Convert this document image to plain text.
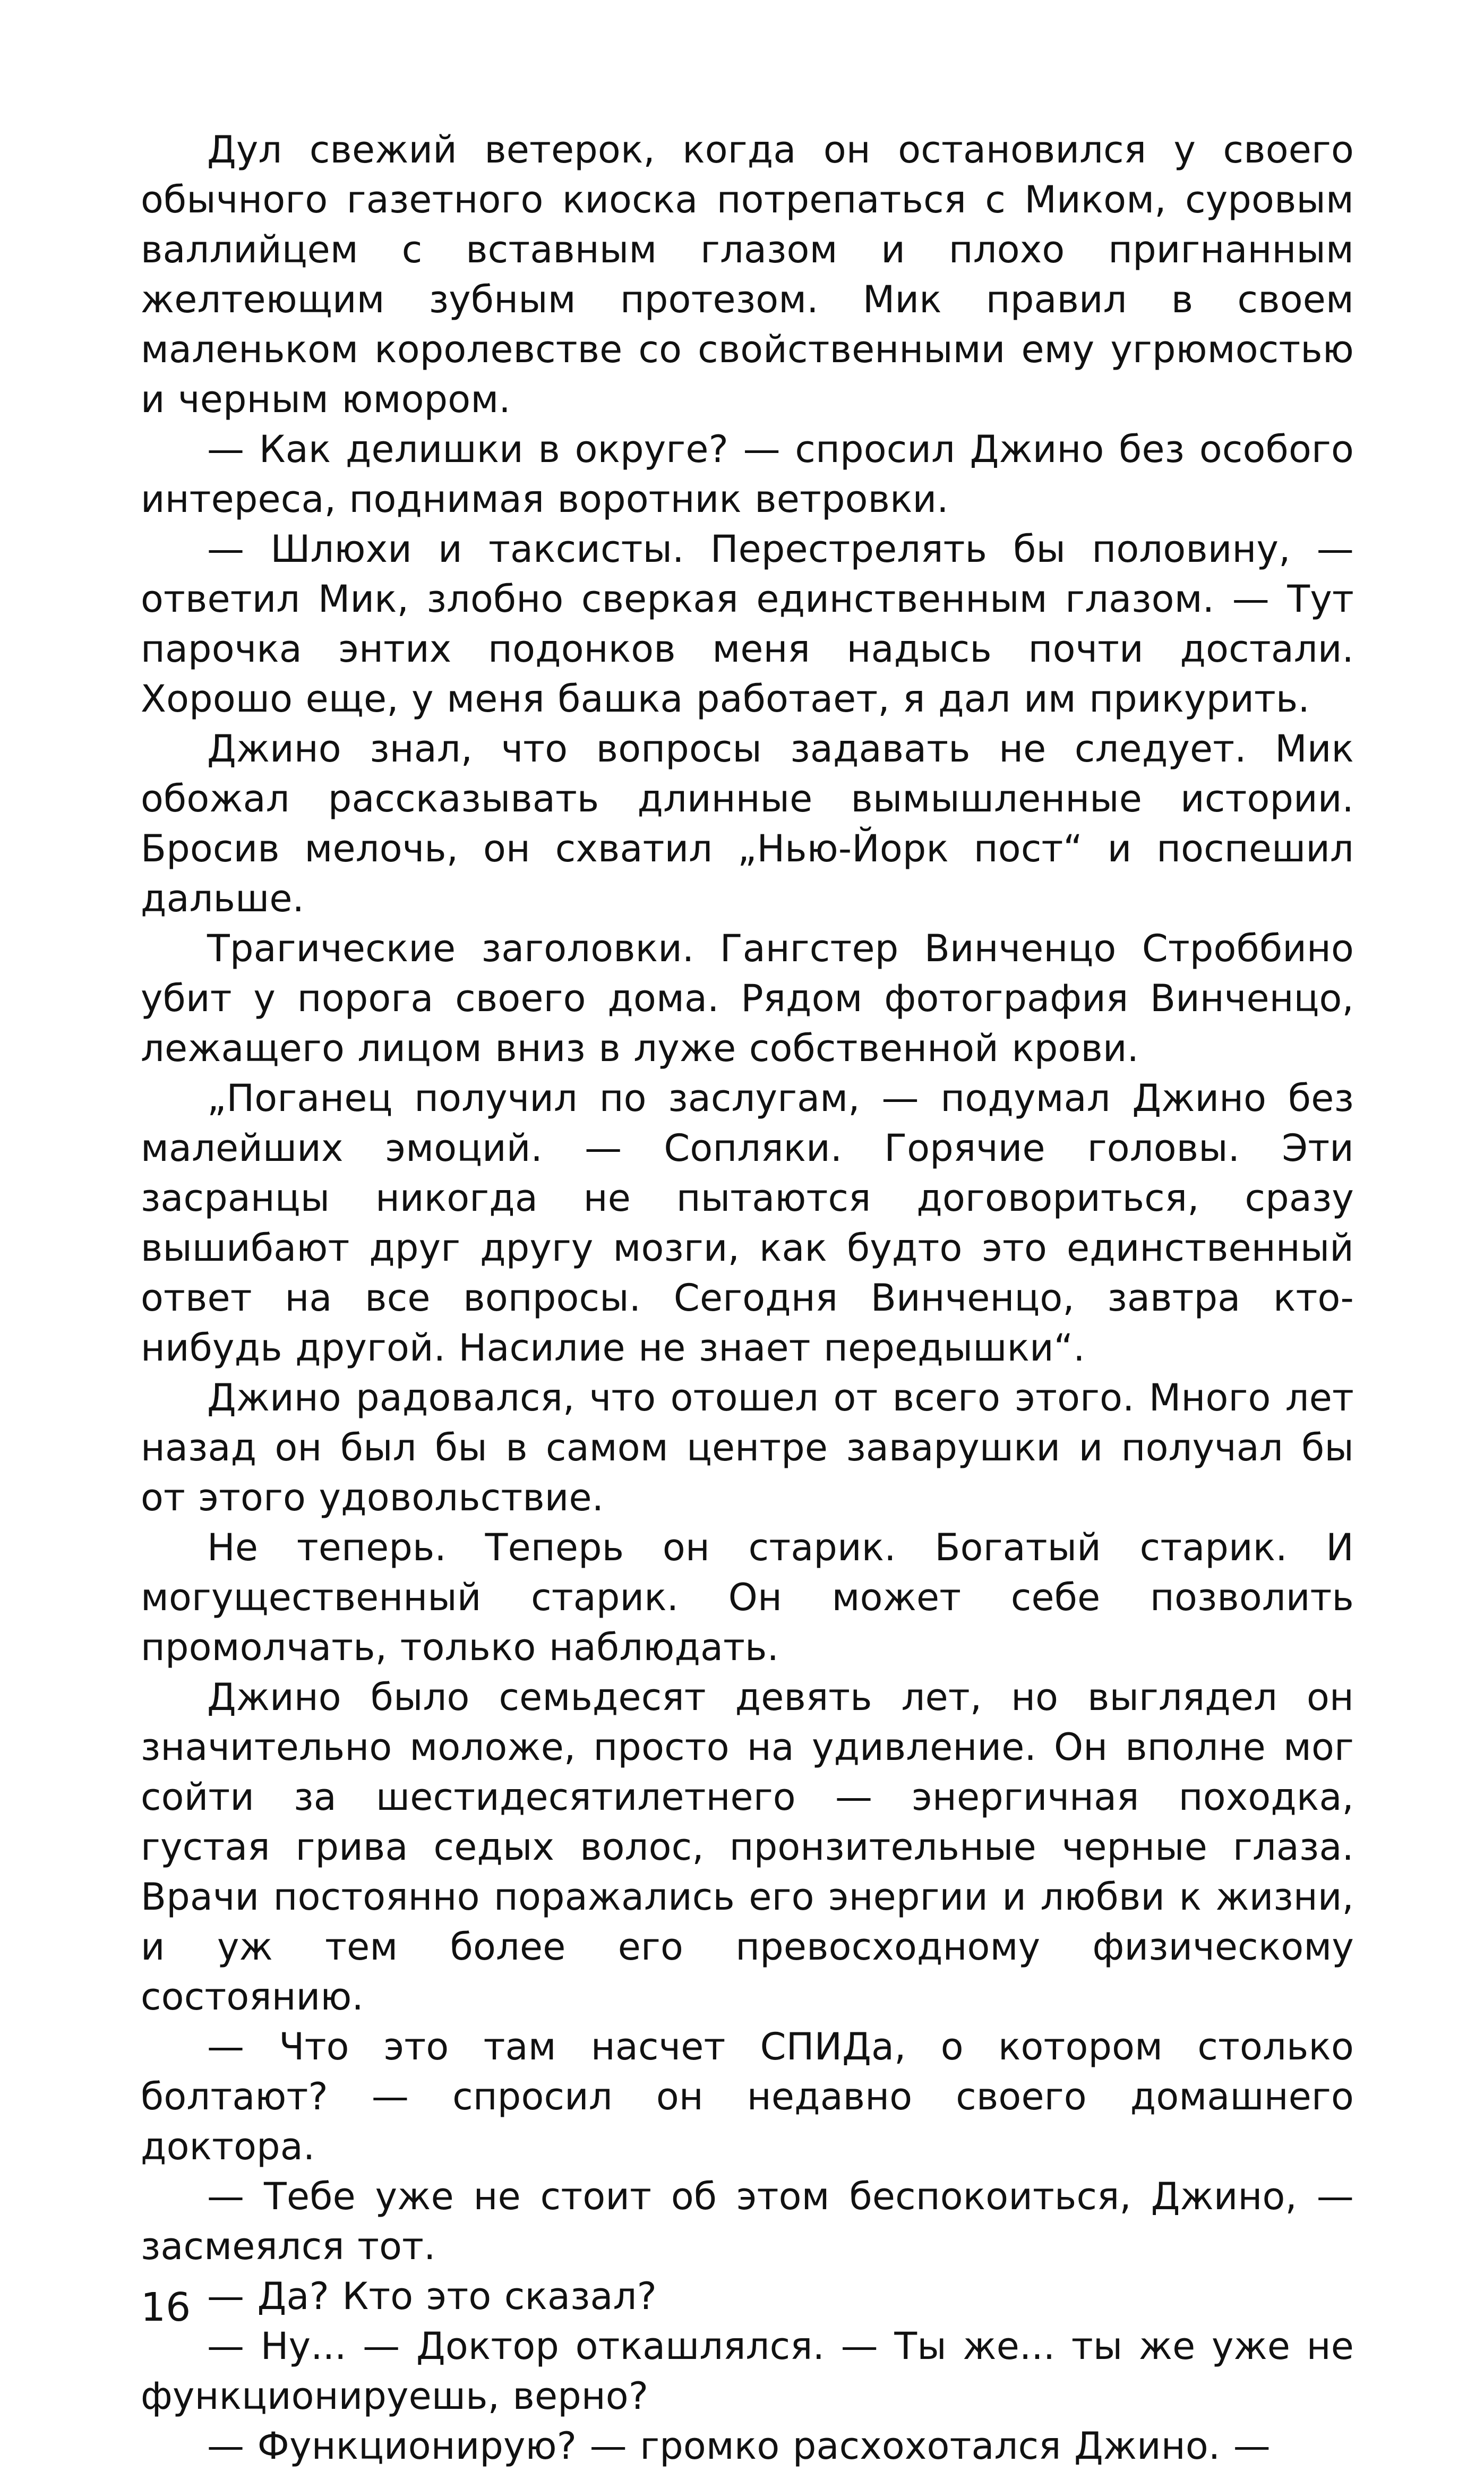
Дул свежий ветерок, когда он остановился у своего обычного газетного киоска потрепаться с Миком, суровым валлийцем с вставным глазом и плохо пригнанным желтеющим зубным протезом. Мик правил в своем маленьком королевстве со свойственными ему угрюмостью и черным юмором.

— Как делишки в округе? — спросил Джино без особого интереса, поднимая воротник ветровки.

— Шлюхи и таксисты. Перестрелять бы половину, — ответил Мик, злобно сверкая единственным глазом. — Тут парочка энтих подонков меня надысь почти достали. Хорошо еще, у меня башка работает, я дал им прикурить.

Джино знал, что вопросы задавать не следует. Мик обожал рассказывать длинные вымышленные истории. Бросив мелочь, он схватил „Нью-Йорк пост“ и поспешил дальше.

Трагические заголовки. Гангстер Винченцо Строббино убит у порога своего дома. Рядом фотография Винченцо, лежащего лицом вниз в луже собственной крови.

„Поганец получил по заслугам, — подумал Джино без малейших эмоций. — Сопляки. Горячие головы. Эти засранцы никогда не пытаются договориться, сразу вышибают друг другу мозги, как будто это единственный ответ на все вопросы. Сегодня Винченцо, завтра кто-нибудь другой. Насилие не знает передышки“.

Джино радовался, что отошел от всего этого. Много лет назад он был бы в самом центре заварушки и получал бы от этого удовольствие.

Не теперь. Теперь он старик. Богатый старик. И могущественный старик. Он может себе позволить промолчать, только наблюдать.

Джино было семьдесят девять лет, но выглядел он значительно моложе, просто на удивление. Он вполне мог сойти за шестидесятилетнего — энергичная походка, густая грива седых волос, пронзительные черные глаза. Врачи постоянно поражались его энергии и любви к жизни, и уж тем более его превосходному физическому состоянию.

— Что это там насчет СПИДа, о котором столько болтают? — спросил он недавно своего домашнего доктора.

— Тебе уже не стоит об этом беспокоиться, Джино, — засмеялся тот.

— Да? Кто это сказал?

— Ну... — Доктор откашлялся. — Ты же... ты же уже не функционируешь, верно?

— Функционирую? — громко расхохотался Джино. —

16
